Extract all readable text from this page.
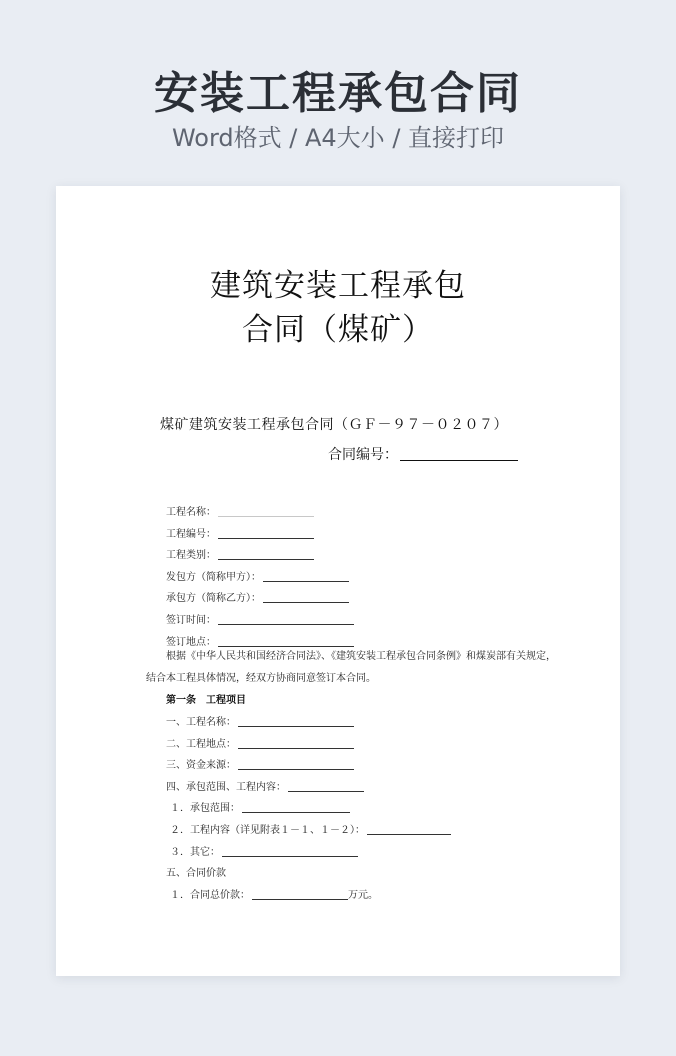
安装工程承包合同
Word格式 / A4大小 / 直接打印
建筑安装工程承包
合同（煤矿）
煤矿建筑安装工程承包合同（ＧＦ－９７－０２０７）
合同编号：
工程名称：
工程编号：
工程类别：
发包方（简称甲方）：
承包方（简称乙方）：
签订时间：
签订地点：
根据《中华人民共和国经济合同法》、《建筑安装工程承包合同条例》和煤炭部有关规定，
结合本工程具体情况，经双方协商同意签订本合同。
第一条　工程项目
一、工程名称：
二、工程地点：
三、资金来源：
四、承包范围、工程内容：
１．承包范围：
２．工程内容（详见附表１－１、１－２）：
３．其它：
五、合同价款
１．合同总价款：	万元。
